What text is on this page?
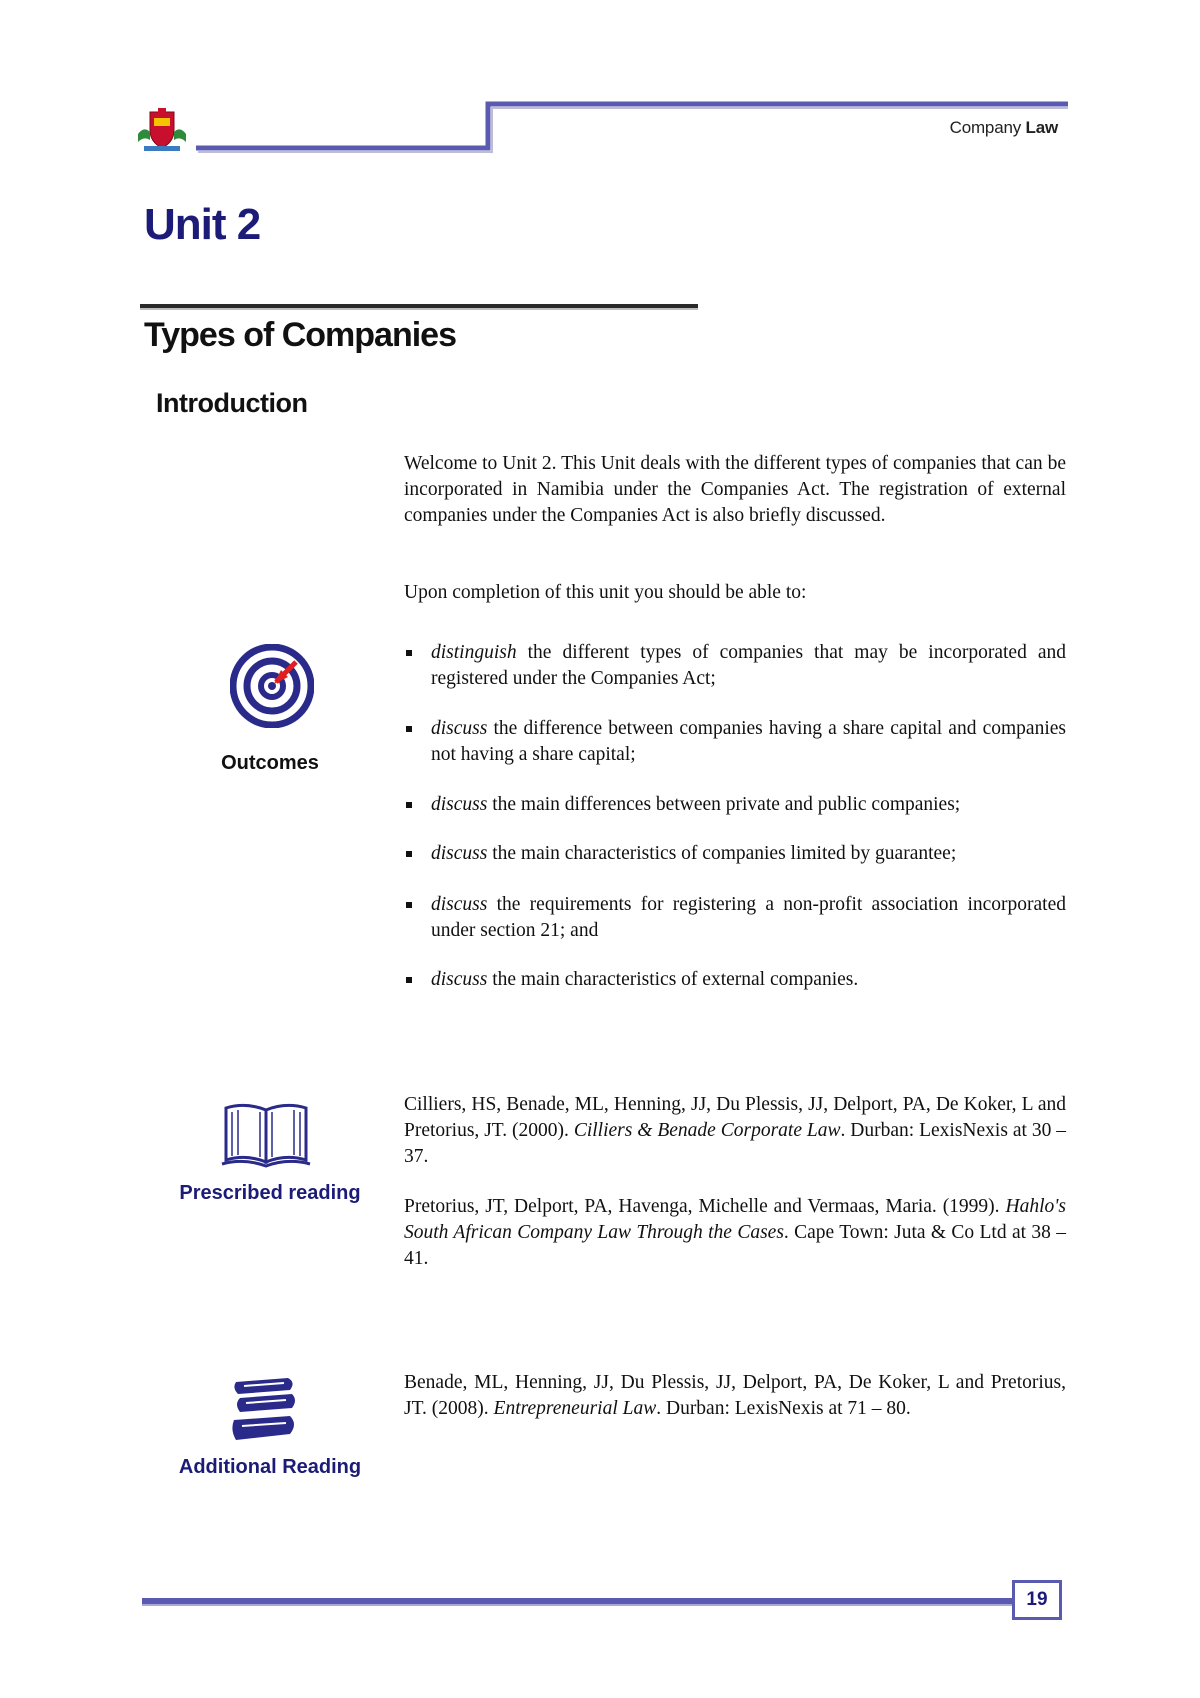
Company Law
Unit 2
Types of Companies
Introduction

Welcome to Unit 2. This Unit deals with the different types of companies that can be incorporated in Namibia under the Companies Act. The registration of external companies under the Companies Act is also briefly discussed.

Upon completion of this unit you should be able to:

Outcomes
distinguish the different types of companies that may be incorporated and registered under the Companies Act;
discuss the difference between companies having a share capital and companies not having a share capital;
discuss the main differences between private and public companies;
discuss the main characteristics of companies limited by guarantee;
discuss the requirements for registering a non-profit association incorporated under section 21; and
discuss the main characteristics of external companies.
Prescribed reading

Cilliers, HS, Benade, ML, Henning, JJ, Du Plessis, JJ, Delport, PA, De Koker, L and Pretorius, JT. (2000). Cilliers & Benade Corporate Law. Durban: LexisNexis at 30 – 37.

Pretorius, JT, Delport, PA, Havenga, Michelle and Vermaas, Maria. (1999). Hahlo's South African Company Law Through the Cases. Cape Town: Juta & Co Ltd at 38 – 41.

Additional Reading

Benade, ML, Henning, JJ, Du Plessis, JJ, Delport, PA, De Koker, L and Pretorius, JT. (2008). Entrepreneurial Law. Durban: LexisNexis at 71 – 80.

19
